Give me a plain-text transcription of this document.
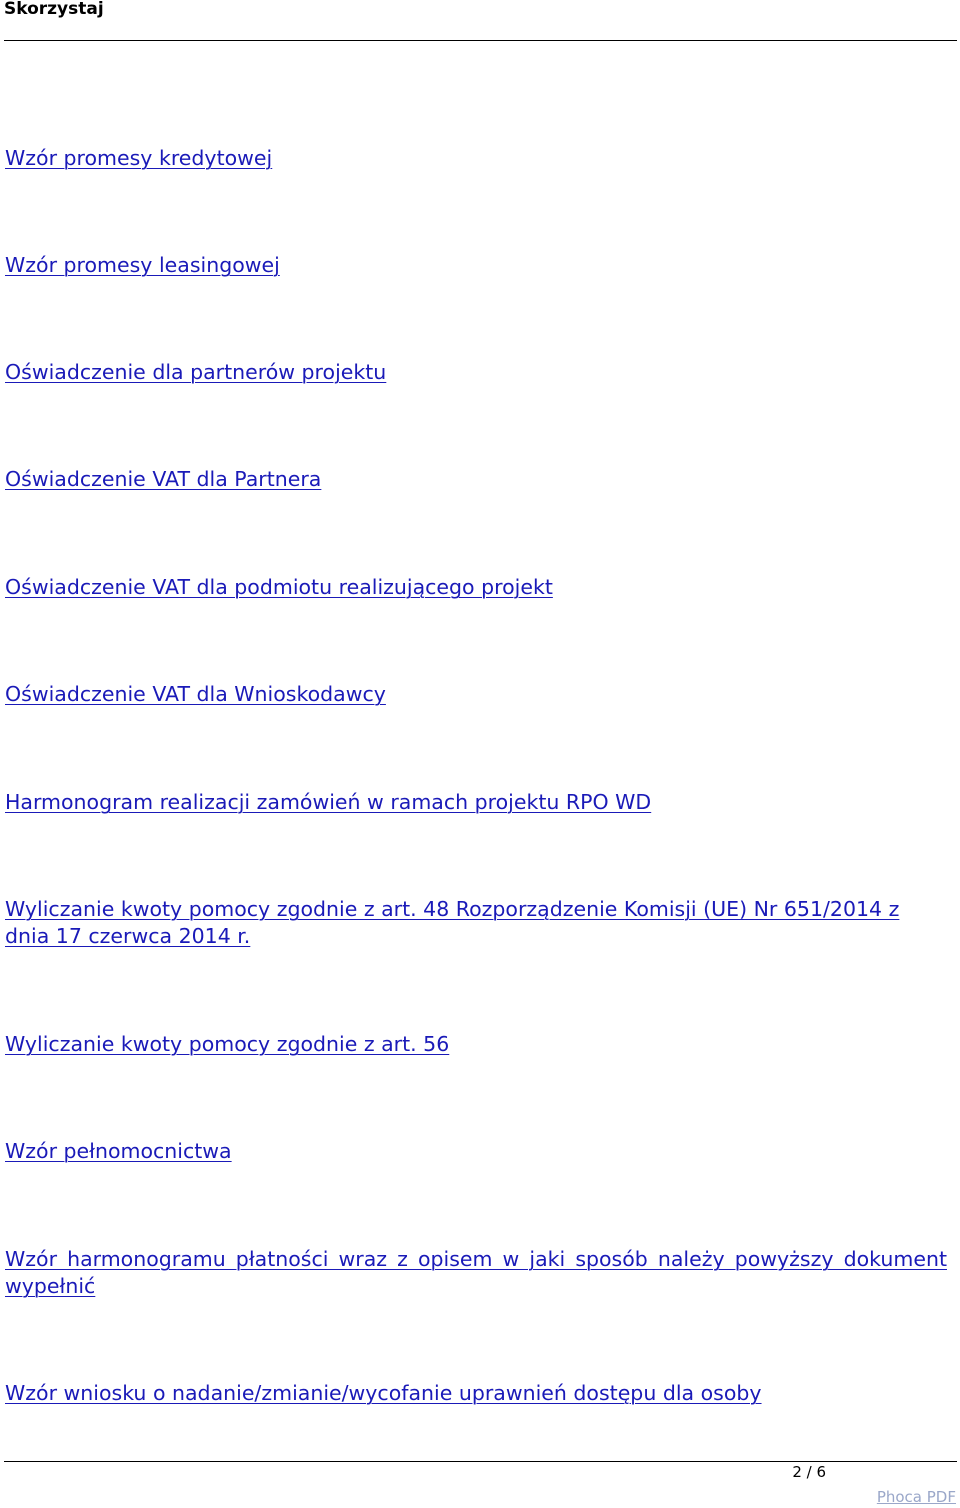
Skorzystaj
Wzór promesy kredytowej
Wzór promesy leasingowej
Oświadczenie dla partnerów projektu
Oświadczenie VAT dla Partnera
Oświadczenie VAT dla podmiotu realizującego projekt
Oświadczenie VAT dla Wnioskodawcy
Harmonogram realizacji zamówień w ramach projektu RPO WD
Wyliczanie kwoty pomocy zgodnie z art. 48 Rozporządzenie Komisji (UE) Nr 651/2014 z dnia 17 czerwca 2014 r.
Wyliczanie kwoty pomocy zgodnie z art. 56
Wzór pełnomocnictwa
Wzór harmonogramu płatności wraz z opisem w jaki sposób należy powyższy dokument wypełnić
Wzór wniosku o nadanie/zmianie/wycofanie uprawnień dostępu dla osoby
2 / 6
Phoca PDF
